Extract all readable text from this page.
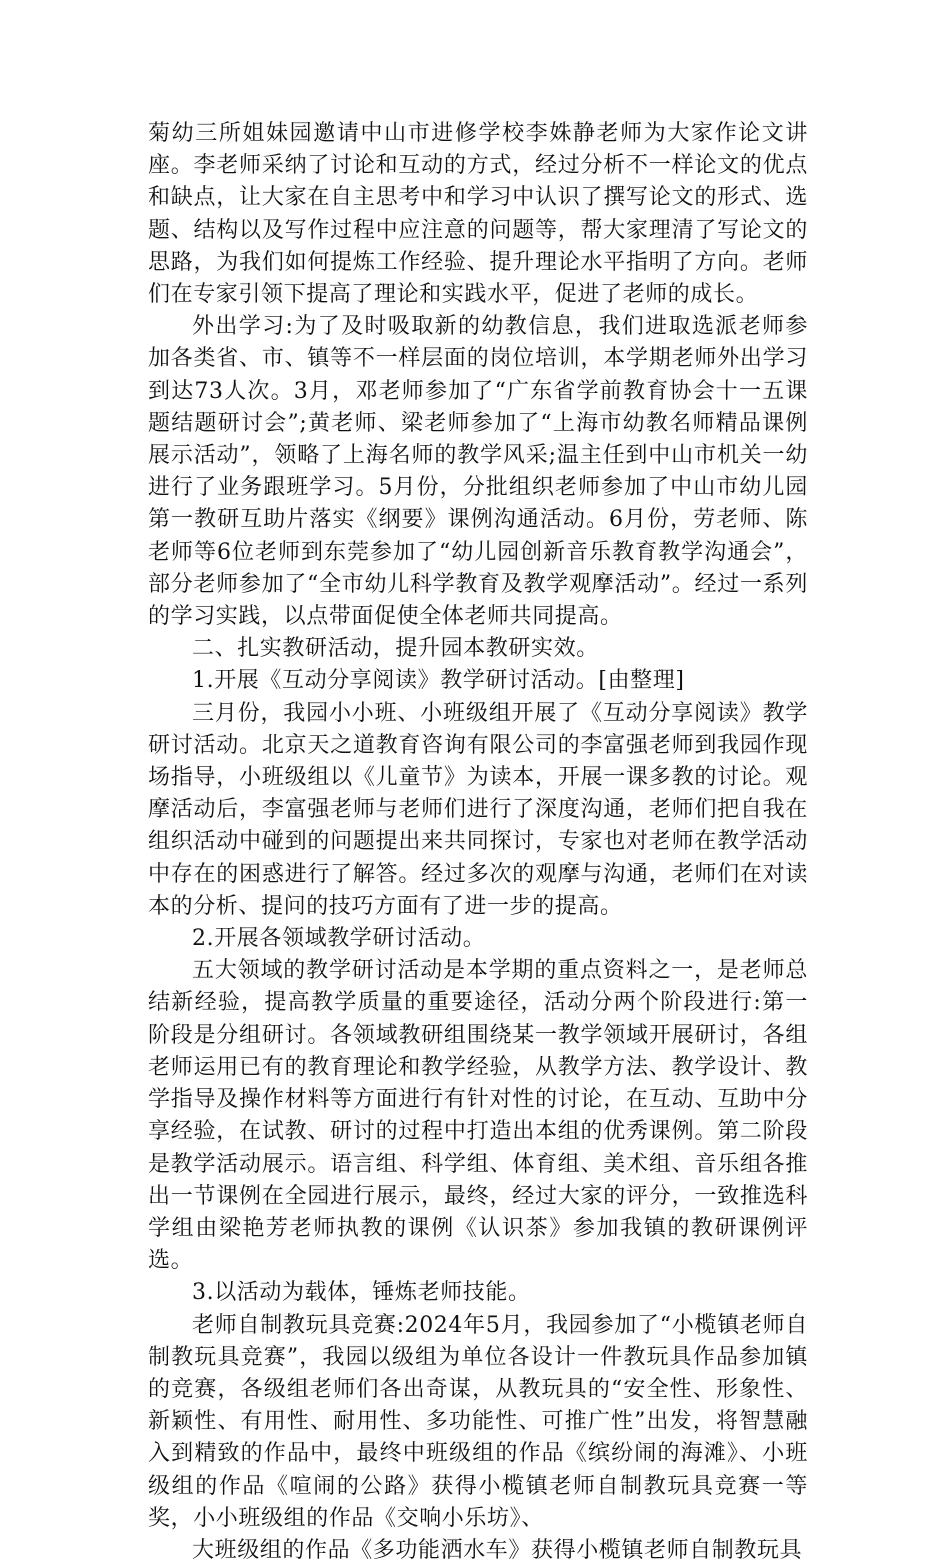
菊幼三所姐妹园邀请中山市进修学校李姝静老师为大家作论文讲座。李老师采纳了讨论和互动的方式，经过分析不一样论文的优点和缺点，让大家在自主思考中和学习中认识了撰写论文的形式、选题、结构以及写作过程中应注意的问题等，帮大家理清了写论文的思路，为我们如何提炼工作经验、提升理论水平指明了方向。老师们在专家引领下提高了理论和实践水平，促进了老师的成长。

外出学习:为了及时吸取新的幼教信息，我们进取选派老师参加各类省、市、镇等不一样层面的岗位培训，本学期老师外出学习到达73人次。3月，邓老师参加了“广东省学前教育协会十一五课题结题研讨会”;黄老师、梁老师参加了“上海市幼教名师精品课例展示活动”，领略了上海名师的教学风采;温主任到中山市机关一幼进行了业务跟班学习。5月份，分批组织老师参加了中山市幼儿园第一教研互助片落实《纲要》课例沟通活动。6月份，劳老师、陈老师等6位老师到东莞参加了“幼儿园创新音乐教育教学沟通会”，部分老师参加了“全市幼儿科学教育及教学观摩活动”。经过一系列的学习实践，以点带面促使全体老师共同提高。

二、扎实教研活动，提升园本教研实效。

1.开展《互动分享阅读》教学研讨活动。[由整理]

三月份，我园小小班、小班级组开展了《互动分享阅读》教学研讨活动。北京天之道教育咨询有限公司的李富强老师到我园作现场指导，小班级组以《儿童节》为读本，开展一课多教的讨论。观摩活动后，李富强老师与老师们进行了深度沟通，老师们把自我在组织活动中碰到的问题提出来共同探讨，专家也对老师在教学活动中存在的困惑进行了解答。经过多次的观摩与沟通，老师们在对读本的分析、提问的技巧方面有了进一步的提高。

2.开展各领域教学研讨活动。

五大领域的教学研讨活动是本学期的重点资料之一，是老师总结新经验，提高教学质量的重要途径，活动分两个阶段进行:第一阶段是分组研讨。各领域教研组围绕某一教学领域开展研讨，各组老师运用已有的教育理论和教学经验，从教学方法、教学设计、教学指导及操作材料等方面进行有针对性的讨论，在互动、互助中分享经验，在试教、研讨的过程中打造出本组的优秀课例。第二阶段是教学活动展示。语言组、科学组、体育组、美术组、音乐组各推出一节课例在全园进行展示，最终，经过大家的评分，一致推选科学组由梁艳芳老师执教的课例《认识茶》参加我镇的教研课例评选。

3.以活动为载体，锤炼老师技能。

老师自制教玩具竞赛:2024年5月，我园参加了“小榄镇老师自制教玩具竞赛”，我园以级组为单位各设计一件教玩具作品参加镇的竞赛，各级组老师们各出奇谋，从教玩具的“安全性、形象性、新颖性、有用性、耐用性、多功能性、可推广性”出发，将智慧融入到精致的作品中，最终中班级组的作品《缤纷闹的海滩》、小班级组的作品《喧闹的公路》获得小榄镇老师自制教玩具竞赛一等奖，小小班级组的作品《交响小乐坊》、

大班级组的作品《多功能洒水车》获得小榄镇老师自制教玩具
